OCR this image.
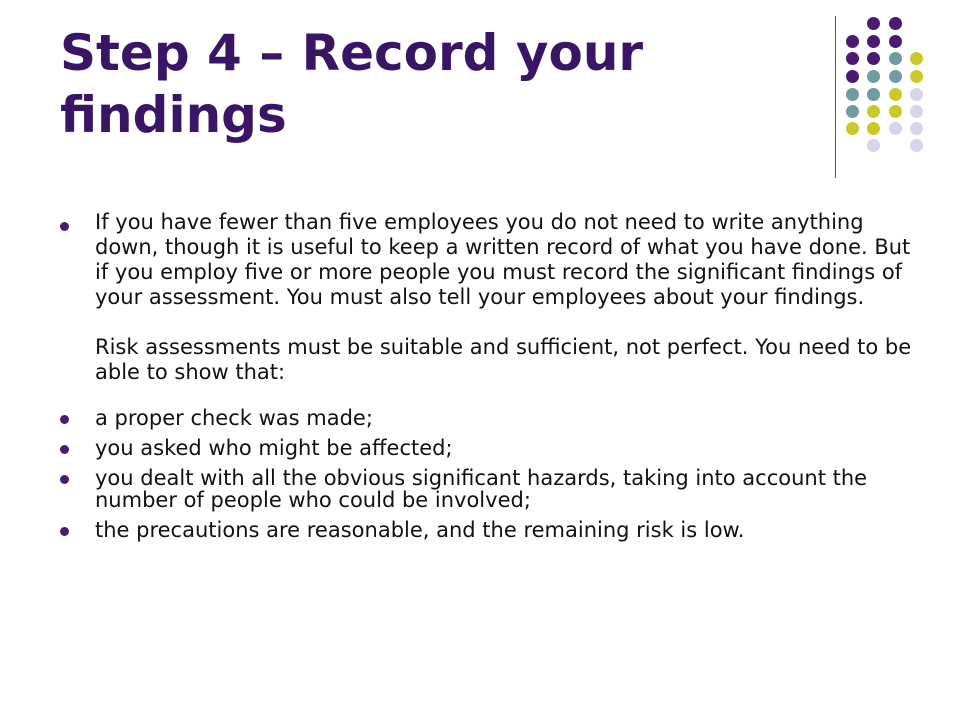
Step 4 – Record your findings

If you have fewer than five employees you do not need to write anything down, though it is useful to keep a written record of what you have done. But if you employ five or more people you must record the significant findings of your assessment. You must also tell your employees about your findings.

Risk assessments must be suitable and sufficient, not perfect. You need to be able to show that:

a proper check was made;

you asked who might be affected;

you dealt with all the obvious significant hazards, taking into account the number of people who could be involved;

the precautions are reasonable, and the remaining risk is low.
